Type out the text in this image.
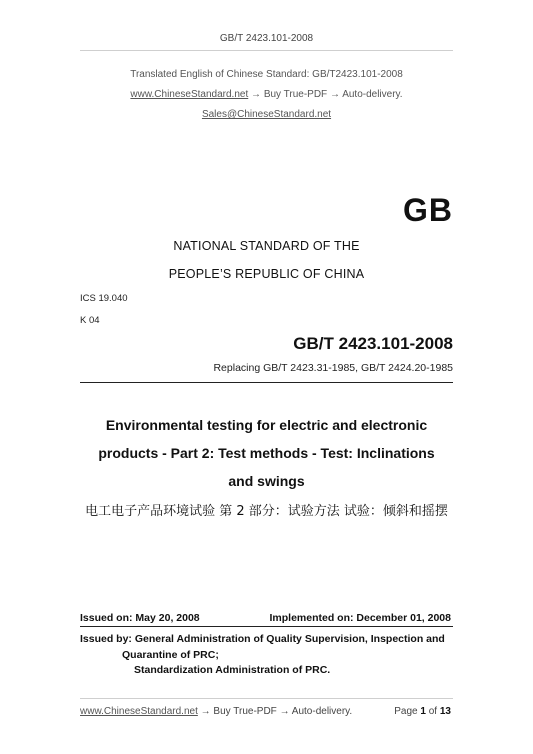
GB/T 2423.101-2008
Translated English of Chinese Standard: GB/T2423.101-2008
www.ChineseStandard.net → Buy True-PDF → Auto-delivery.
Sales@ChineseStandard.net
GB
NATIONAL STANDARD OF THE
PEOPLE’S REPUBLIC OF CHINA
ICS 19.040
K 04
GB/T 2423.101-2008
Replacing GB/T 2423.31-1985, GB/T 2424.20-1985
Environmental testing for electric and electronic
products - Part 2: Test methods - Test: Inclinations
and swings
电工电子产品环境试验 第 2 部分：试验方法 试验：倾斜和摇摆
Issued on: May 20, 2008	Implemented on: December 01, 2008
Issued by: General Administration of Quality Supervision, Inspection and
Quarantine of PRC;
Standardization Administration of PRC.
www.ChineseStandard.net → Buy True-PDF → Auto-delivery.	Page 1 of 13
